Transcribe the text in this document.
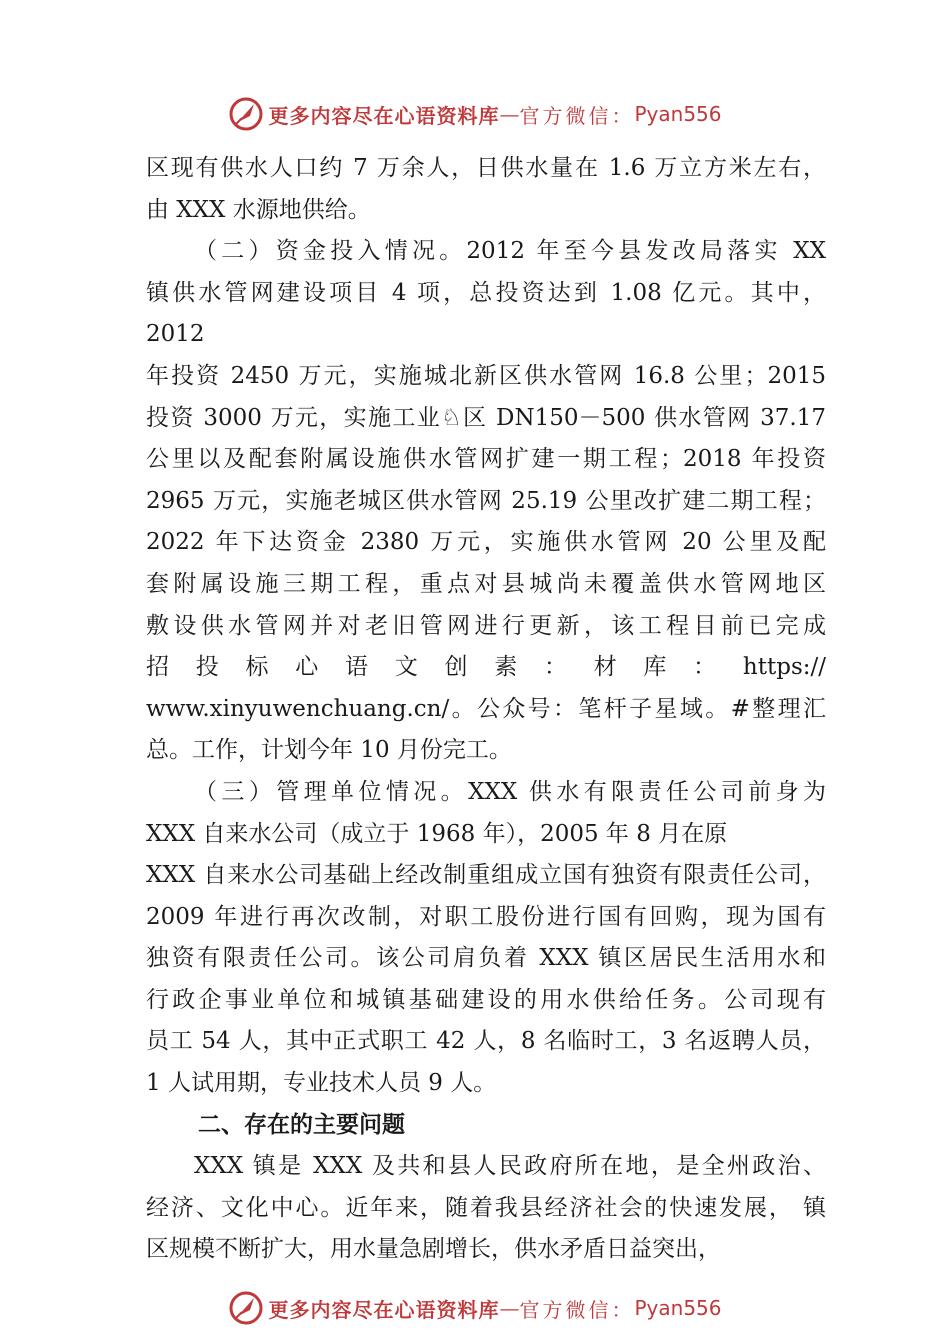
更多内容尽在心语资料库 — 官方微信： Pyan556
区现有供水人口约 7 万余人，日供水量在 1.6 万立方米左右，
由 XXX 水源地供给。
（二）资金投入情况。2012 年至今县发改局落实 XX
镇供水管网建设项目 4 项，总投资达到 1.08 亿元。其中，
2012
年投资 2450 万元，实施城北新区供水管网 16.8 公里；2015
投资 3000 万元，实施工业♘区 DN150－500 供水管网 37.17
公里以及配套附属设施供水管网扩建一期工程；2018 年投资
2965 万元，实施老城区供水管网 25.19 公里改扩建二期工程；
2022 年下达资金 2380 万元，实施供水管网 20 公里及配
套附属设施三期工程，重点对县城尚未覆盖供水管网地区
敷设供水管网并对老旧管网进行更新，该工程目前已完成
招 投 标 心 语 文 创 素 ： 材 库 ： https://
www.xinyuwenchuang.cn/。公众号：笔杆子星域。#整理汇
总。工作，计划今年 10 月份完工。
（三）管理单位情况。XXX 供水有限责任公司前身为
XXX 自来水公司（成立于 1968 年），2005 年 8 月在原
XXX 自来水公司基础上经改制重组成立国有独资有限责任公司，
2009 年进行再次改制，对职工股份进行国有回购，现为国有
独资有限责任公司。该公司肩负着 XXX 镇区居民生活用水和
行政企事业单位和城镇基础建设的用水供给任务。公司现有
员工 54 人，其中正式职工 42 人，8 名临时工，3 名返聘人员，
1 人试用期，专业技术人员 9 人。
二、存在的主要问题
XXX 镇是 XXX 及共和县人民政府所在地，是全州政治、
经济、文化中心。近年来，随着我县经济社会的快速发展， 镇
区规模不断扩大，用水量急剧增长，供水矛盾日益突出，
更多内容尽在心语资料库 — 官方微信： Pyan556
